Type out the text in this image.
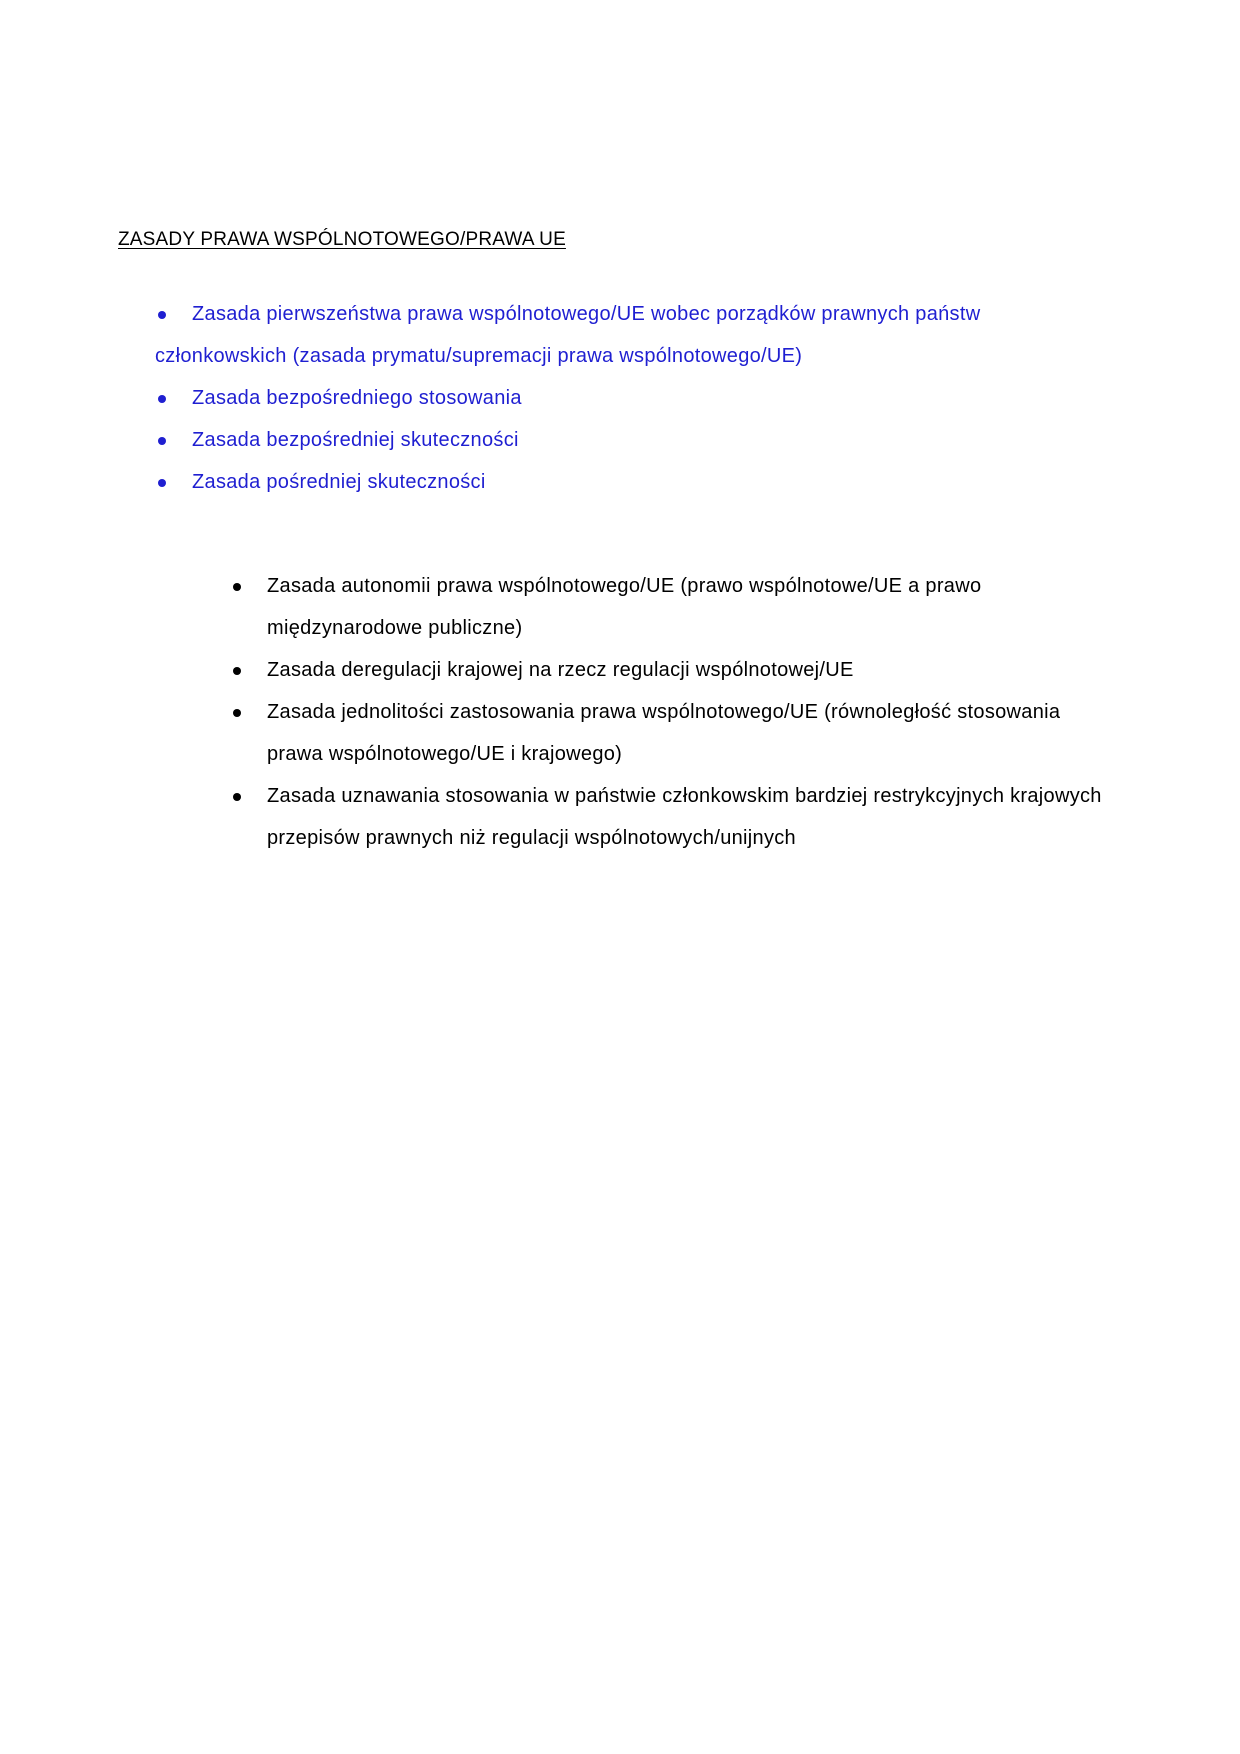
ZASADY PRAWA WSPÓLNOTOWEGO/PRAWA UE
Zasada pierwszeństwa prawa wspólnotowego/UE wobec porządków prawnych państw
członkowskich (zasada prymatu/supremacji prawa wspólnotowego/UE)
Zasada bezpośredniego stosowania
Zasada bezpośredniej skuteczności
Zasada pośredniej skuteczności
Zasada autonomii prawa wspólnotowego/UE (prawo wspólnotowe/UE a prawo
międzynarodowe publiczne)
Zasada deregulacji krajowej na rzecz regulacji wspólnotowej/UE
Zasada jednolitości zastosowania prawa wspólnotowego/UE (równoległość stosowania
prawa wspólnotowego/UE i krajowego)
Zasada uznawania stosowania w państwie członkowskim bardziej restrykcyjnych krajowych
przepisów prawnych niż regulacji wspólnotowych/unijnych
